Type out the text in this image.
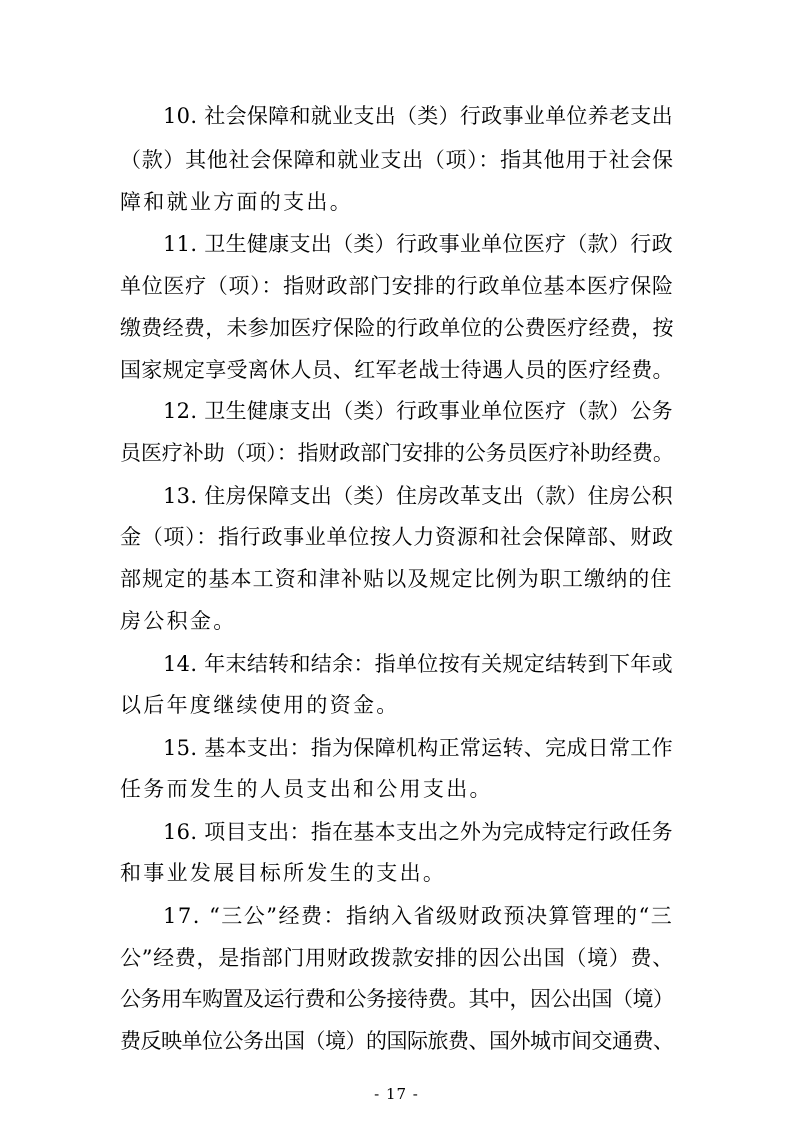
10. 社会保障和就业支出（类）行政事业单位养老支出
（款）其他社会保障和就业支出（项）：指其他用于社会保
障和就业方面的支出。
11. 卫生健康支出（类）行政事业单位医疗（款）行政
单位医疗（项）：指财政部门安排的行政单位基本医疗保险
缴费经费，未参加医疗保险的行政单位的公费医疗经费，按
国家规定享受离休人员、红军老战士待遇人员的医疗经费。
12. 卫生健康支出（类）行政事业单位医疗（款）公务
员医疗补助（项）：指财政部门安排的公务员医疗补助经费。
13. 住房保障支出（类）住房改革支出（款）住房公积
金（项）：指行政事业单位按人力资源和社会保障部、财政
部规定的基本工资和津补贴以及规定比例为职工缴纳的住
房公积金。
14. 年末结转和结余：指单位按有关规定结转到下年或
以后年度继续使用的资金。
15. 基本支出：指为保障机构正常运转、完成日常工作
任务而发生的人员支出和公用支出。
16. 项目支出：指在基本支出之外为完成特定行政任务
和事业发展目标所发生的支出。
17. “三公”经费：指纳入省级财政预决算管理的“三
公”经费，是指部门用财政拨款安排的因公出国（境）费、
公务用车购置及运行费和公务接待费。其中，因公出国（境）
费反映单位公务出国（境）的国际旅费、国外城市间交通费、
- 17 -
